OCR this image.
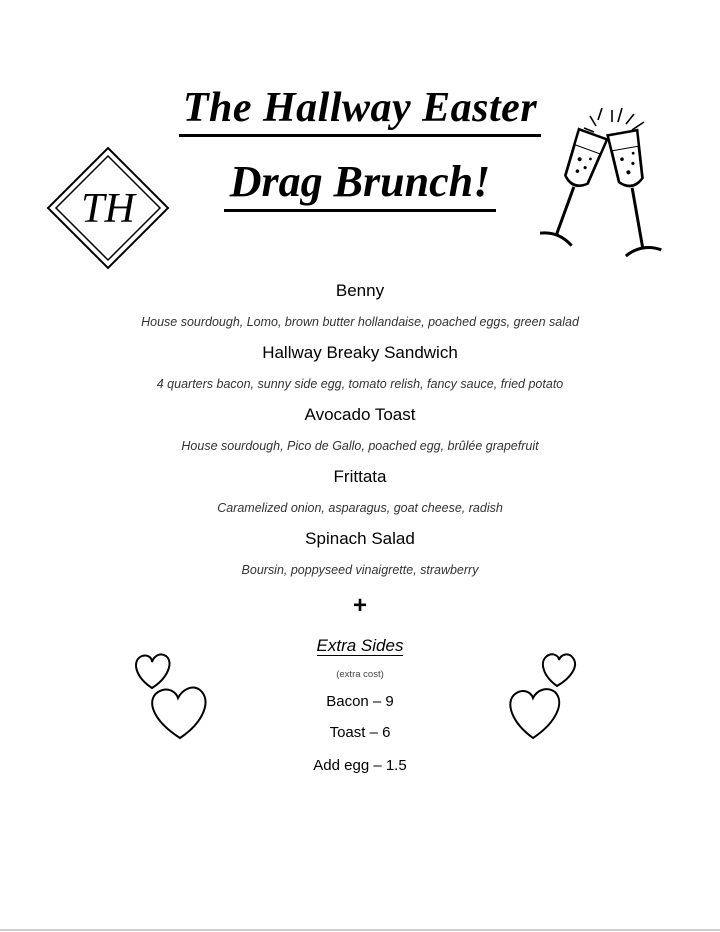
The Hallway Easter
Drag Brunch!
TH

Benny

House sourdough, Lomo, brown butter hollandaise, poached eggs, green salad

Hallway Breaky Sandwich

4 quarters bacon, sunny side egg, tomato relish, fancy sauce, fried potato

Avocado Toast

House sourdough, Pico de Gallo, poached egg, brûlée grapefruit

Frittata

Caramelized onion, asparagus, goat cheese, radish

Spinach Salad

Boursin, poppyseed vinaigrette, strawberry

+
Extra Sides
(extra cost)
Bacon – 9
Toast – 6
Add egg – 1.5
